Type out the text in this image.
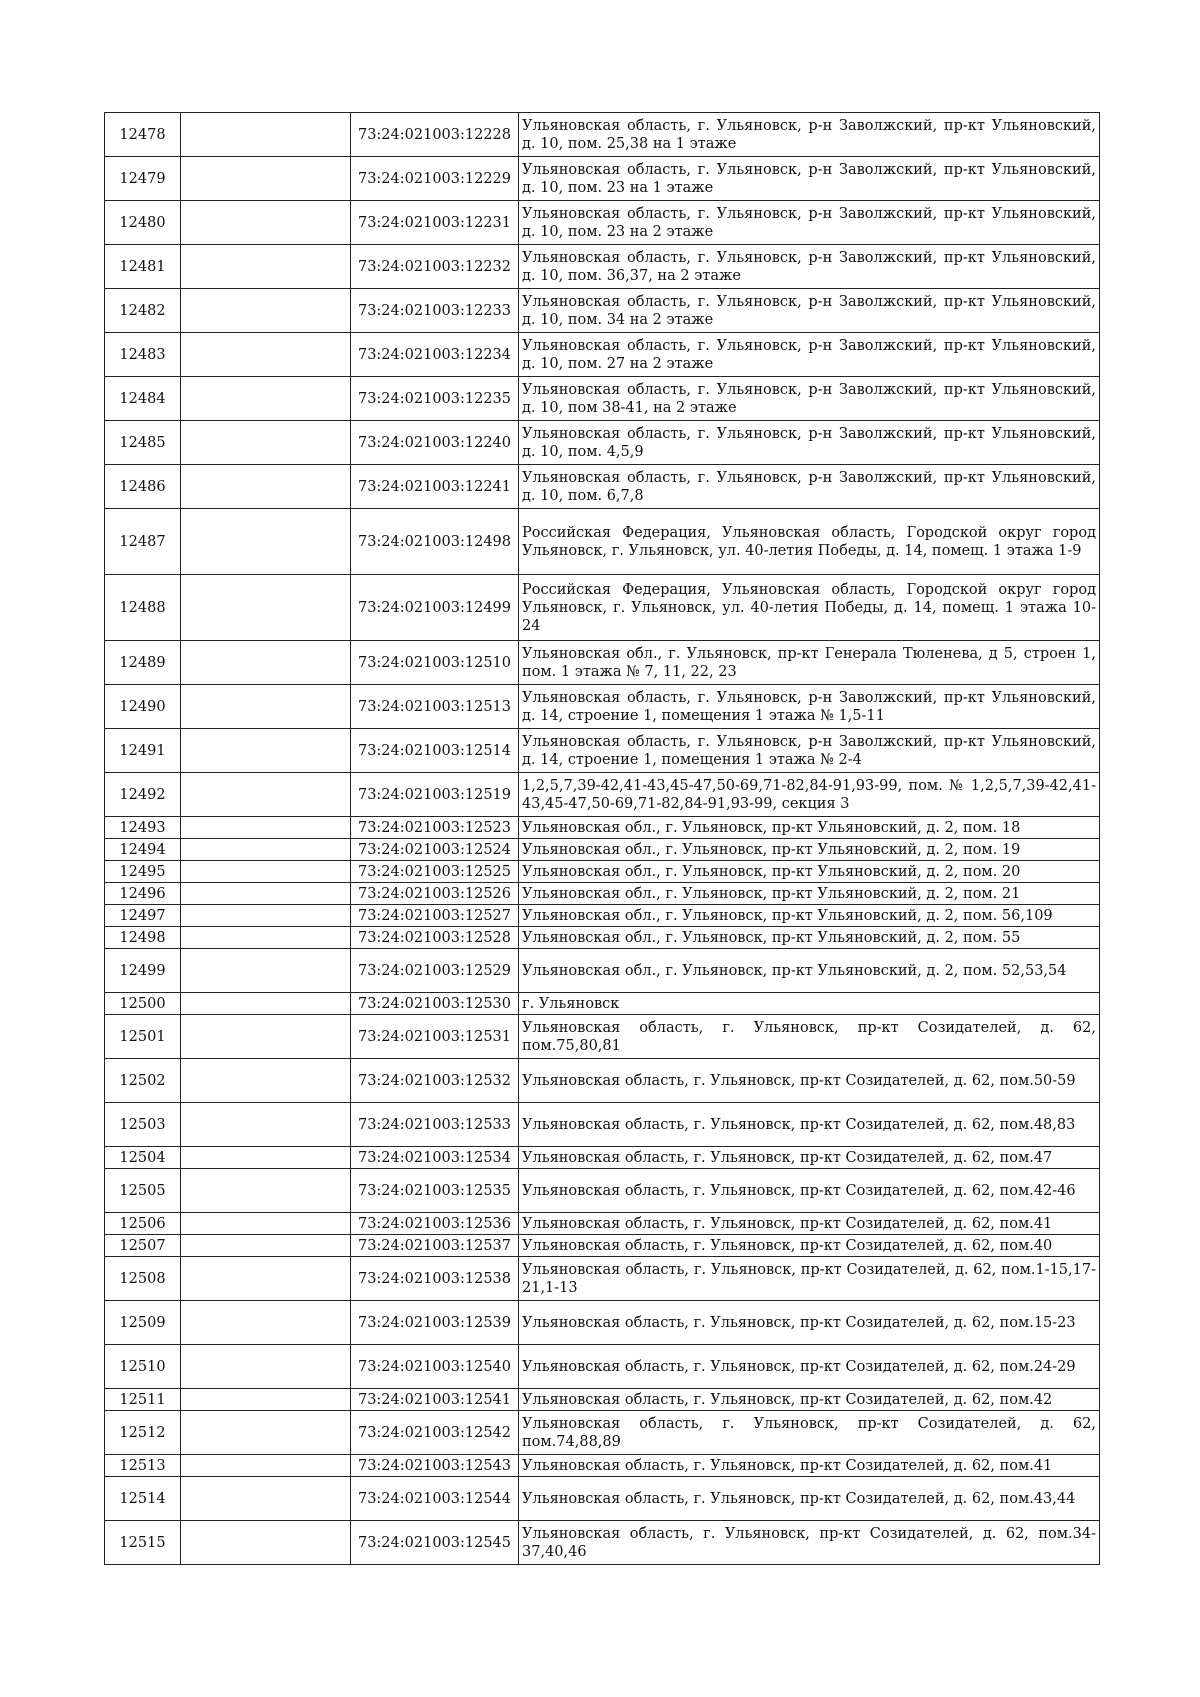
12478		73:24:021003:12228	Ульяновская область, г. Ульяновск, р-н Заволжский, пр-кт Ульяновский, д. 10, пом. 25,38 на 1 этаже
12479		73:24:021003:12229	Ульяновская область, г. Ульяновск, р-н Заволжский, пр-кт Ульяновский, д. 10, пом. 23 на 1 этаже
12480		73:24:021003:12231	Ульяновская область, г. Ульяновск, р-н Заволжский, пр-кт Ульяновский, д. 10, пом. 23 на 2 этаже
12481		73:24:021003:12232	Ульяновская область, г. Ульяновск, р-н Заволжский, пр-кт Ульяновский, д. 10, пом. 36,37, на 2 этаже
12482		73:24:021003:12233	Ульяновская область, г. Ульяновск, р-н Заволжский, пр-кт Ульяновский, д. 10, пом. 34 на 2 этаже
12483		73:24:021003:12234	Ульяновская область, г. Ульяновск, р-н Заволжский, пр-кт Ульяновский, д. 10, пом. 27 на 2 этаже
12484		73:24:021003:12235	Ульяновская область, г. Ульяновск, р-н Заволжский, пр-кт Ульяновский, д. 10, пом 38-41, на 2 этаже
12485		73:24:021003:12240	Ульяновская область, г. Ульяновск, р-н Заволжский, пр-кт Ульяновский, д. 10, пом. 4,5,9
12486		73:24:021003:12241	Ульяновская область, г. Ульяновск, р-н Заволжский, пр-кт Ульяновский, д. 10, пом. 6,7,8
12487		73:24:021003:12498	Российская Федерация, Ульяновская область, Городской округ город Ульяновск, г. Ульяновск, ул. 40-летия Победы, д. 14, помещ. 1 этажа 1-9
12488		73:24:021003:12499	Российская Федерация, Ульяновская область, Городской округ город Ульяновск, г. Ульяновск, ул. 40-летия Победы, д. 14, помещ. 1 этажа 10-24
12489		73:24:021003:12510	Ульяновская обл., г. Ульяновск, пр-кт Генерала Тюленева, д 5, строен 1, пом. 1 этажа № 7, 11, 22, 23
12490		73:24:021003:12513	Ульяновская область, г. Ульяновск, р-н Заволжский, пр-кт Ульяновский, д. 14, строение 1, помещения 1 этажа № 1,5-11
12491		73:24:021003:12514	Ульяновская область, г. Ульяновск, р-н Заволжский, пр-кт Ульяновский, д. 14, строение 1, помещения 1 этажа № 2-4
12492		73:24:021003:12519	1,2,5,7,39-42,41-43,45-47,50-69,71-82,84-91,93-99, пом. № 1,2,5,7,39-42,41-43,45-47,50-69,71-82,84-91,93-99, секция 3
12493		73:24:021003:12523	Ульяновская обл., г. Ульяновск, пр-кт Ульяновский, д. 2, пом. 18
12494		73:24:021003:12524	Ульяновская обл., г. Ульяновск, пр-кт Ульяновский, д. 2, пом. 19
12495		73:24:021003:12525	Ульяновская обл., г. Ульяновск, пр-кт Ульяновский, д. 2, пом. 20
12496		73:24:021003:12526	Ульяновская обл., г. Ульяновск, пр-кт Ульяновский, д. 2, пом. 21
12497		73:24:021003:12527	Ульяновская обл., г. Ульяновск, пр-кт Ульяновский, д. 2, пом. 56,109
12498		73:24:021003:12528	Ульяновская обл., г. Ульяновск, пр-кт Ульяновский, д. 2, пом. 55
12499		73:24:021003:12529	Ульяновская обл., г. Ульяновск, пр-кт Ульяновский, д. 2, пом. 52,53,54
12500		73:24:021003:12530	г. Ульяновск
12501		73:24:021003:12531	Ульяновская область, г. Ульяновск, пр-кт Созидателей, д. 62, пом.75,80,81
12502		73:24:021003:12532	Ульяновская область, г. Ульяновск, пр-кт Созидателей, д. 62, пом.50-59
12503		73:24:021003:12533	Ульяновская область, г. Ульяновск, пр-кт Созидателей, д. 62, пом.48,83
12504		73:24:021003:12534	Ульяновская область, г. Ульяновск, пр-кт Созидателей, д. 62, пом.47
12505		73:24:021003:12535	Ульяновская область, г. Ульяновск, пр-кт Созидателей, д. 62, пом.42-46
12506		73:24:021003:12536	Ульяновская область, г. Ульяновск, пр-кт Созидателей, д. 62, пом.41
12507		73:24:021003:12537	Ульяновская область, г. Ульяновск, пр-кт Созидателей, д. 62, пом.40
12508		73:24:021003:12538	Ульяновская область, г. Ульяновск, пр-кт Созидателей, д. 62, пом.1-15,17-21,1-13
12509		73:24:021003:12539	Ульяновская область, г. Ульяновск, пр-кт Созидателей, д. 62, пом.15-23
12510		73:24:021003:12540	Ульяновская область, г. Ульяновск, пр-кт Созидателей, д. 62, пом.24-29
12511		73:24:021003:12541	Ульяновская область, г. Ульяновск, пр-кт Созидателей, д. 62, пом.42
12512		73:24:021003:12542	Ульяновская область, г. Ульяновск, пр-кт Созидателей, д. 62, пом.74,88,89
12513		73:24:021003:12543	Ульяновская область, г. Ульяновск, пр-кт Созидателей, д. 62, пом.41
12514		73:24:021003:12544	Ульяновская область, г. Ульяновск, пр-кт Созидателей, д. 62, пом.43,44
12515		73:24:021003:12545	Ульяновская область, г. Ульяновск, пр-кт Созидателей, д. 62, пом.34-37,40,46
